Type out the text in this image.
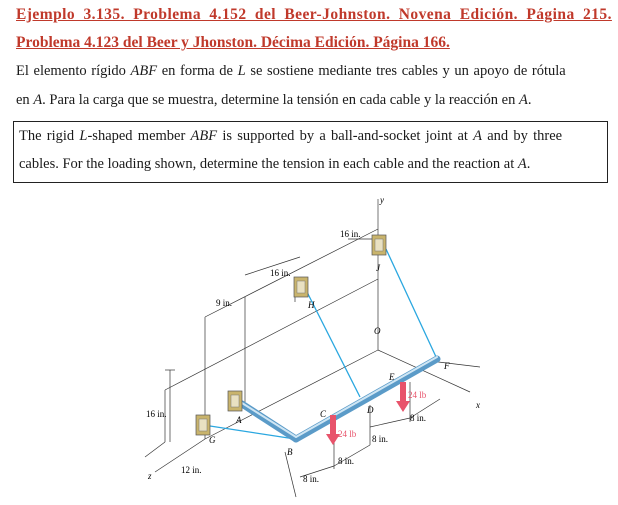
Ejemplo 3.135. Problema 4.152 del Beer-Johnston. Novena Edición. Página 215.
Problema 4.123 del Beer y Jhonston. Décima Edición. Página 166.
El elemento rígido ABF en forma de L se sostiene mediante tres cables y un apoyo de rótula
en A. Para la carga que se muestra, determine la tensión en cada cable y la reacción en A.
The rigid L-shaped member ABF is supported by a ball-and-socket joint at A and by three
cables. For the loading shown, determine the tension in each cable and the reaction at A.
y
16 in.
16 in.
16 in.
9 in.
12 in.
8 in.
8 in.
8 in.
8 in.
24 lb
24 lb
A
B
C	D
E
F
G
H
J
O
x
z
